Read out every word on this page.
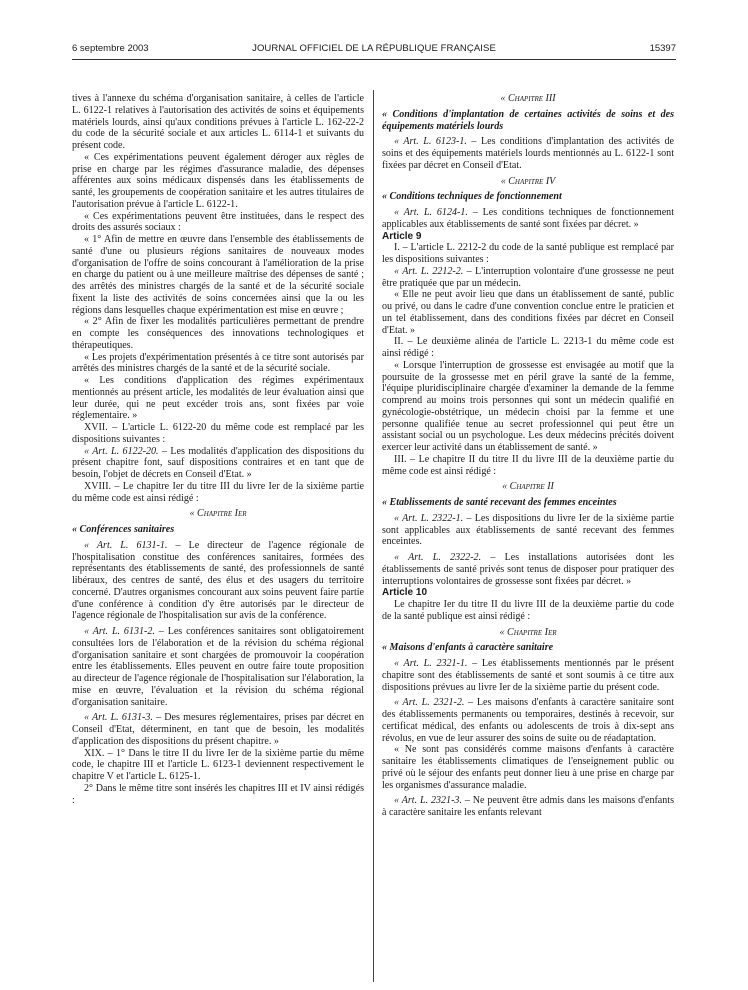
6 septembre 2003	JOURNAL OFFICIEL DE LA RÉPUBLIQUE FRANÇAISE	15397

tives à l'annexe du schéma d'organisation sanitaire, à celles de l'article L. 6122-1 relatives à l'autorisation des activités de soins et équipements matériels lourds, ainsi qu'aux conditions prévues à l'article L. 162-22-2 du code de la sécurité sociale et aux articles L. 6114-1 et suivants du présent code.

« Ces expérimentations peuvent également déroger aux règles de prise en charge par les régimes d'assurance maladie, des dépenses afférentes aux soins médicaux dispensés dans les établissements de santé, les groupements de coopération sanitaire et les autres titulaires de l'autorisation prévue à l'article L. 6122-1.

« Ces expérimentations peuvent être instituées, dans le respect des droits des assurés sociaux :

« 1° Afin de mettre en œuvre dans l'ensemble des établissements de santé d'une ou plusieurs régions sanitaires de nouveaux modes d'organisation de l'offre de soins concourant à l'amélioration de la prise en charge du patient ou à une meilleure maîtrise des dépenses de santé ; des arrêtés des ministres chargés de la santé et de la sécurité sociale fixent la liste des activités de soins concernées ainsi que la ou les régions dans lesquelles chaque expérimentation est mise en œuvre ;

« 2° Afin de fixer les modalités particulières permettant de prendre en compte les conséquences des innovations technologiques et thérapeutiques.

« Les projets d'expérimentation présentés à ce titre sont autorisés par arrêtés des ministres chargés de la santé et de la sécurité sociale.

« Les conditions d'application des régimes expérimentaux mentionnés au présent article, les modalités de leur évaluation ainsi que leur durée, qui ne peut excéder trois ans, sont fixées par voie réglementaire. »

XVII. – L'article L. 6122-20 du même code est remplacé par les dispositions suivantes :

« Art. L. 6122-20. – Les modalités d'application des dispositions du présent chapitre font, sauf dispositions contraires et en tant que de besoin, l'objet de décrets en Conseil d'Etat. »

XVIII. – Le chapitre Ier du titre III du livre Ier de la sixième partie du même code est ainsi rédigé :

« Chapitre Ier

« Conférences sanitaires

« Art. L. 6131-1. – Le directeur de l'agence régionale de l'hospitalisation constitue des conférences sanitaires, formées des représentants des établissements de santé, des professionnels de santé libéraux, des centres de santé, des élus et des usagers du territoire concerné. D'autres organismes concourant aux soins peuvent faire partie d'une conférence à condition d'y être autorisés par le directeur de l'agence régionale de l'hospitalisation sur avis de la conférence.

« Art. L. 6131-2. – Les conférences sanitaires sont obligatoirement consultées lors de l'élaboration et de la révision du schéma régional d'organisation sanitaire et sont chargées de promouvoir la coopération entre les établissements. Elles peuvent en outre faire toute proposition au directeur de l'agence régionale de l'hospitalisation sur l'élaboration, la mise en œuvre, l'évaluation et la révision du schéma régional d'organisation sanitaire.

« Art. L. 6131-3. – Des mesures réglementaires, prises par décret en Conseil d'Etat, déterminent, en tant que de besoin, les modalités d'application des dispositions du présent chapitre. »

XIX. – 1° Dans le titre II du livre Ier de la sixième partie du même code, le chapitre III et l'article L. 6123-1 deviennent respectivement le chapitre V et l'article L. 6125-1.

2° Dans le même titre sont insérés les chapitres III et IV ainsi rédigés :

« Chapitre III

« Conditions d'implantation de certaines activités de soins et des équipements matériels lourds

« Art. L. 6123-1. – Les conditions d'implantation des activités de soins et des équipements matériels lourds mentionnés au L. 6122-1 sont fixées par décret en Conseil d'Etat.

« Chapitre IV

« Conditions techniques de fonctionnement

« Art. L. 6124-1. – Les conditions techniques de fonctionnement applicables aux établissements de santé sont fixées par décret. »

Article 9

I. – L'article L. 2212-2 du code de la santé publique est remplacé par les dispositions suivantes :

« Art. L. 2212-2. – L'interruption volontaire d'une grossesse ne peut être pratiquée que par un médecin.

« Elle ne peut avoir lieu que dans un établissement de santé, public ou privé, ou dans le cadre d'une convention conclue entre le praticien et un tel établissement, dans des conditions fixées par décret en Conseil d'Etat. »

II. – Le deuxième alinéa de l'article L. 2213-1 du même code est ainsi rédigé :

« Lorsque l'interruption de grossesse est envisagée au motif que la poursuite de la grossesse met en péril grave la santé de la femme, l'équipe pluridisciplinaire chargée d'examiner la demande de la femme comprend au moins trois personnes qui sont un médecin qualifié en gynécologie-obstétrique, un médecin choisi par la femme et une personne qualifiée tenue au secret professionnel qui peut être un assistant social ou un psychologue. Les deux médecins précités doivent exercer leur activité dans un établissement de santé. »

III. – Le chapitre II du titre II du livre III de la deuxième partie du même code est ainsi rédigé :

« Chapitre II

« Etablissements de santé recevant des femmes enceintes

« Art. L. 2322-1. – Les dispositions du livre Ier de la sixième partie sont applicables aux établissements de santé recevant des femmes enceintes.

« Art. L. 2322-2. – Les installations autorisées dont les établissements de santé privés sont tenus de disposer pour pratiquer des interruptions volontaires de grossesse sont fixées par décret. »

Article 10

Le chapitre Ier du titre II du livre III de la deuxième partie du code de la santé publique est ainsi rédigé :

« Chapitre Ier

« Maisons d'enfants à caractère sanitaire

« Art. L. 2321-1. – Les établissements mentionnés par le présent chapitre sont des établissements de santé et sont soumis à ce titre aux dispositions prévues au livre Ier de la sixième partie du présent code.

« Art. L. 2321-2. – Les maisons d'enfants à caractère sanitaire sont des établissements permanents ou temporaires, destinés à recevoir, sur certificat médical, des enfants ou adolescents de trois à dix-sept ans révolus, en vue de leur assurer des soins de suite ou de réadaptation.

« Ne sont pas considérés comme maisons d'enfants à caractère sanitaire les établissements climatiques de l'enseignement public ou privé où le séjour des enfants peut donner lieu à une prise en charge par les organismes d'assurance maladie.

« Art. L. 2321-3. – Ne peuvent être admis dans les maisons d'enfants à caractère sanitaire les enfants relevant
